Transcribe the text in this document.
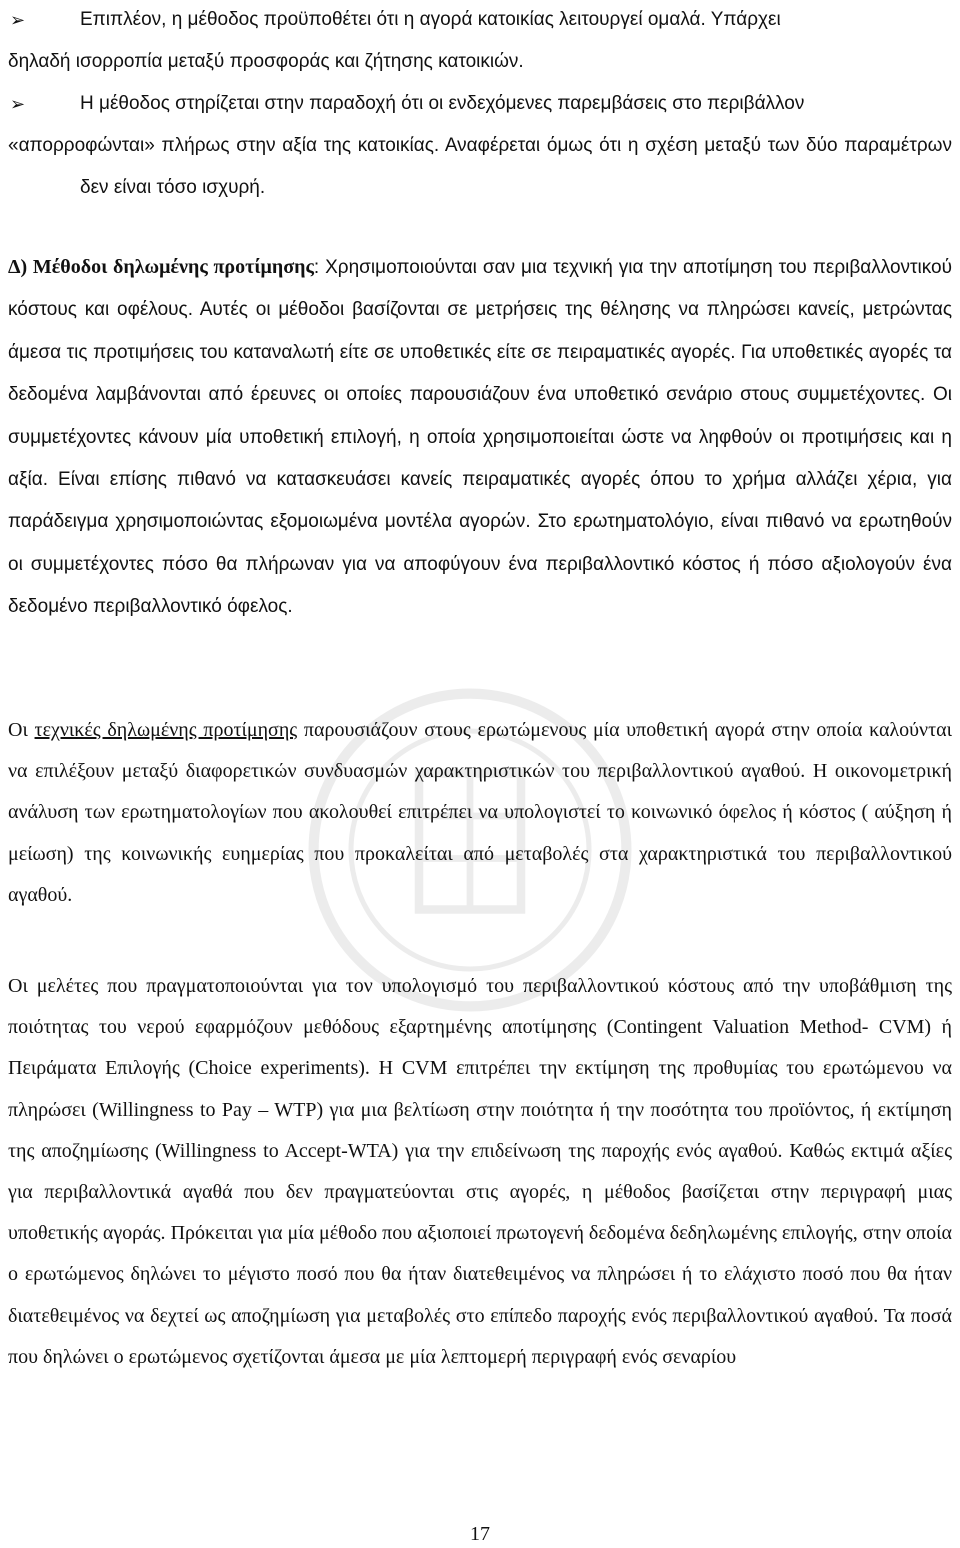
➢	Επιπλέον, η μέθοδος προϋποθέτει ότι η αγορά κατοικίας λειτουργεί ομαλά. Υπάρχει
δηλαδή ισορροπία μεταξύ προσφοράς και ζήτησης κατοικιών.
➢	Η μέθοδος στηρίζεται στην παραδοχή ότι οι ενδεχόμενες παρεμβάσεις στο περιβάλλον
«απορροφώνται» πλήρως στην αξία της κατοικίας. Αναφέρεται όμως ότι η σχέση μεταξύ των δύο παραμέτρων δεν είναι τόσο ισχυρή.

Δ) Μέθοδοι δηλωμένης προτίμησης: Χρησιμοποιούνται σαν μια τεχνική για την αποτίμηση του περιβαλλοντικού κόστους και οφέλους. Αυτές οι μέθοδοι βασίζονται σε μετρήσεις της θέλησης να πληρώσει κανείς, μετρώντας άμεσα τις προτιμήσεις του καταναλωτή είτε σε υποθετικές είτε σε πειραματικές αγορές. Για υποθετικές αγορές τα δεδομένα λαμβάνονται από έρευνες οι οποίες παρουσιάζουν ένα υποθετικό σενάριο στους συμμετέχοντες. Οι συμμετέχοντες κάνουν μία υποθετική επιλογή, η οποία χρησιμοποιείται ώστε να ληφθούν οι προτιμήσεις και η αξία. Είναι επίσης πιθανό να κατασκευάσει κανείς πειραματικές αγορές όπου το χρήμα αλλάζει χέρια, για παράδειγμα χρησιμοποιώντας εξομοιωμένα μοντέλα αγορών. Στο ερωτηματολόγιο, είναι πιθανό να ερωτηθούν οι συμμετέχοντες πόσο θα πλήρωναν για να αποφύγουν ένα περιβαλλοντικό κόστος ή πόσο αξιολογούν ένα δεδομένο περιβαλλοντικό όφελος.

Οι τεχνικές δηλωμένης προτίμησης παρουσιάζουν στους ερωτώμενους μία υποθετική αγορά στην οποία καλούνται να επιλέξουν μεταξύ διαφορετικών συνδυασμών χαρακτηριστικών του περιβαλλοντικού αγαθού. Η οικονομετρική ανάλυση των ερωτηματολογίων που ακολουθεί επιτρέπει να υπολογιστεί το κοινωνικό όφελος ή κόστος ( αύξηση ή μείωση) της κοινωνικής ευημερίας που προκαλείται από μεταβολές στα χαρακτηριστικά του περιβαλλοντικού αγαθού.

Οι μελέτες που πραγματοποιούνται για τον υπολογισμό του περιβαλλοντικού κόστους από την υποβάθμιση της ποιότητας του νερού εφαρμόζουν μεθόδους εξαρτημένης αποτίμησης (Contingent Valuation Method- CVM) ή Πειράματα Επιλογής (Choice experiments). Η CVM επιτρέπει την εκτίμηση της προθυμίας του ερωτώμενου να πληρώσει (Willingness to Pay – WTP) για μια βελτίωση στην ποιότητα ή την ποσότητα του προϊόντος, ή εκτίμηση της αποζημίωσης (Willingness to Accept-WTA) για την επιδείνωση της παροχής ενός αγαθού. Καθώς εκτιμά αξίες για περιβαλλοντικά αγαθά που δεν πραγματεύονται στις αγορές, η μέθοδος βασίζεται στην περιγραφή μιας υποθετικής αγοράς. Πρόκειται για μία μέθοδο που αξιοποιεί πρωτογενή δεδομένα δεδηλωμένης επιλογής, στην οποία ο ερωτώμενος δηλώνει το μέγιστο ποσό που θα ήταν διατεθειμένος να πληρώσει ή το ελάχιστο ποσό που θα ήταν διατεθειμένος να δεχτεί ως αποζημίωση για μεταβολές στο επίπεδο παροχής ενός περιβαλλοντικού αγαθού. Τα ποσά που δηλώνει ο ερωτώμενος σχετίζονται άμεσα με μία λεπτομερή περιγραφή ενός σεναρίου

17
